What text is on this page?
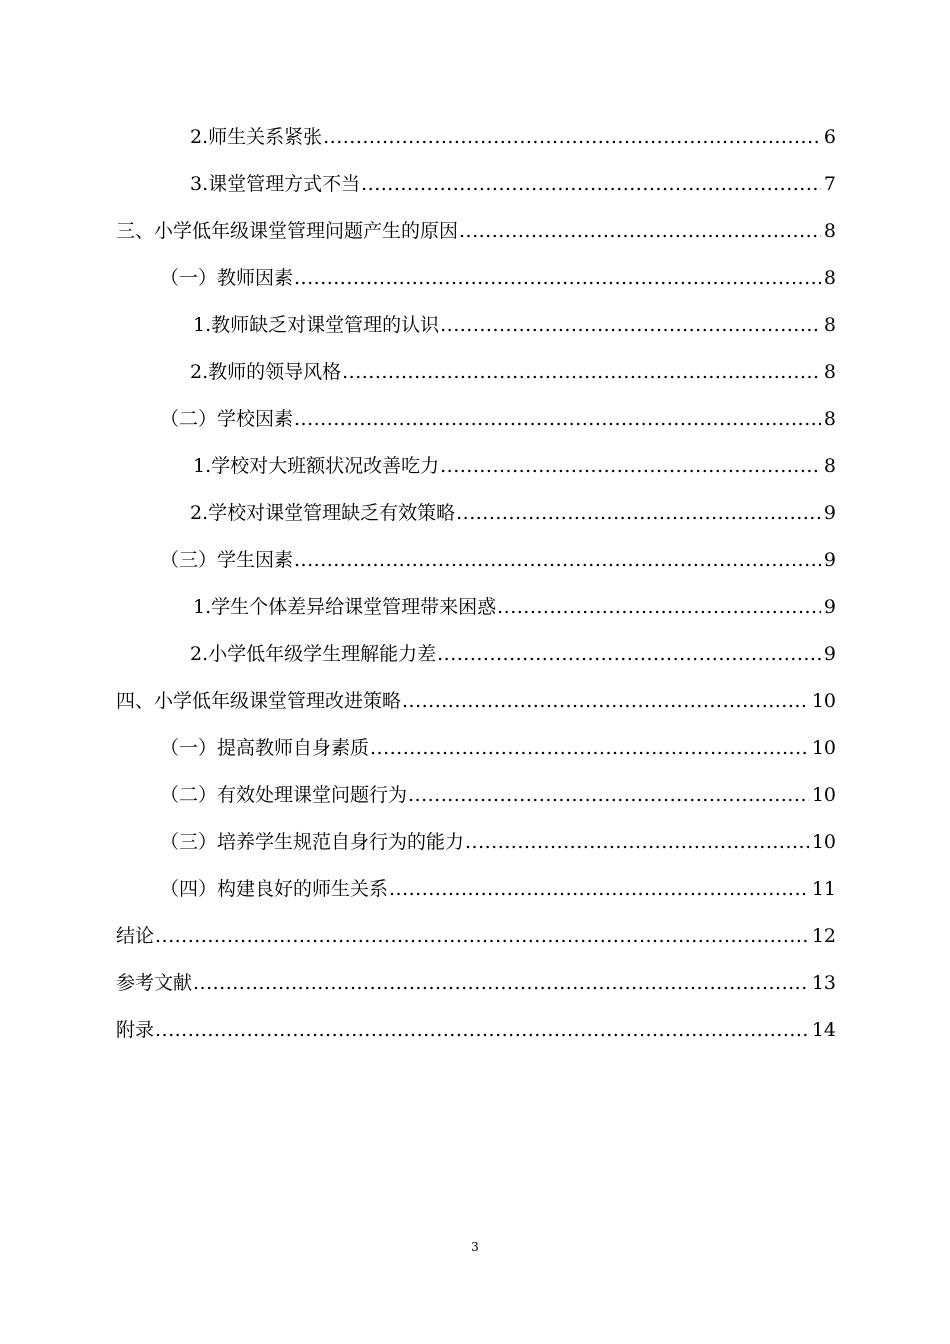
2.师生关系紧张 .....	6
3.课堂管理方式不当 .....	7
三、小学低年级课堂管理问题产生的原因 .....	8
（一）教师因素 .....	8
1.教师缺乏对课堂管理的认识 .....	8
2.教师的领导风格 .....	8
（二）学校因素 .....	8
1.学校对大班额状况改善吃力 .....	8
2.学校对课堂管理缺乏有效策略 .....	9
（三）学生因素 .....	9
1.学生个体差异给课堂管理带来困惑 .....	9
2.小学低年级学生理解能力差 .....	9
四、小学低年级课堂管理改进策略 .....	10
（一）提高教师自身素质 .....	10
（二）有效处理课堂问题行为 .....	10
（三）培养学生规范自身行为的能力 .....	10
（四）构建良好的师生关系 .....	11
结论 .....	12
参考文献 .....	13
附录 .....	14
3
